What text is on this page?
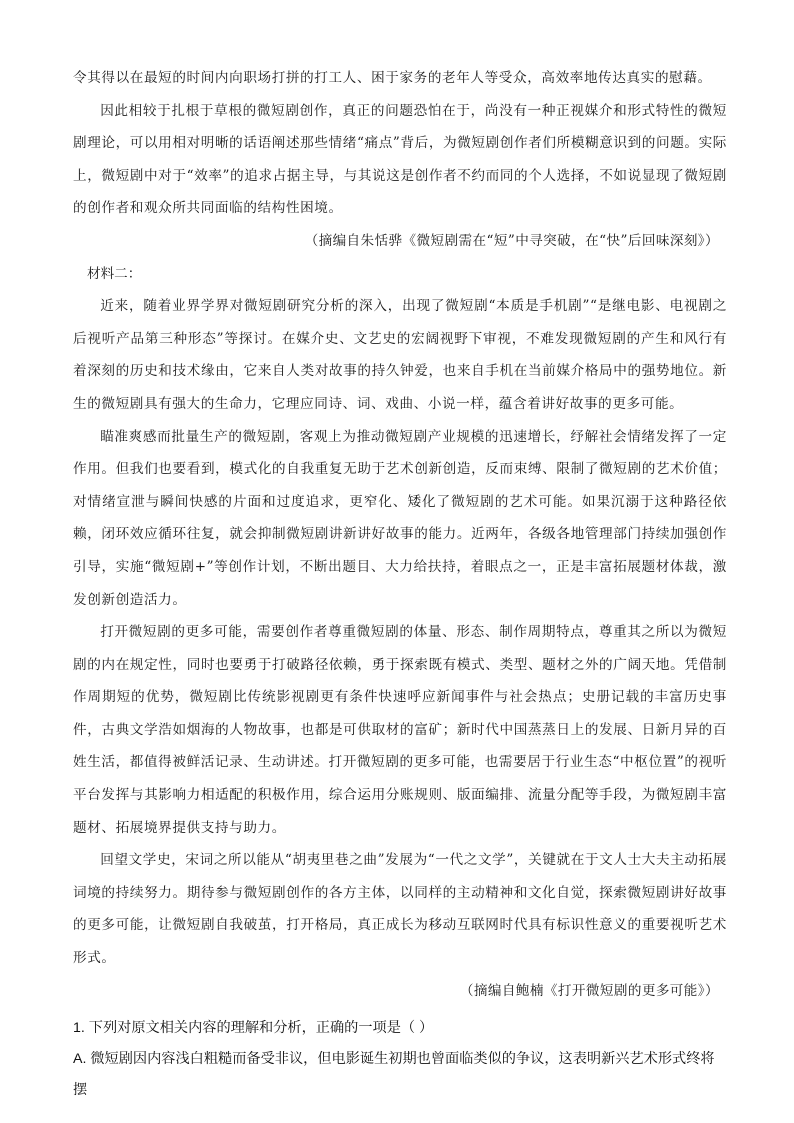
令其得以在最短的时间内向职场打拼的打工人、困于家务的老年人等受众，高效率地传达真实的慰藉。

因此相较于扎根于草根的微短剧创作，真正的问题恐怕在于，尚没有一种正视媒介和形式特性的微短剧理论，可以用相对明晰的话语阐述那些情绪“痛点”背后，为微短剧创作者们所模糊意识到的问题。实际上，微短剧中对于“效率”的追求占据主导，与其说这是创作者不约而同的个人选择，不如说显现了微短剧的创作者和观众所共同面临的结构性困境。

（摘编自朱恬骅《微短剧需在“短”中寻突破，在“快”后回味深刻》）

材料二：

近来，随着业界学界对微短剧研究分析的深入，出现了微短剧“本质是手机剧”“是继电影、电视剧之后视听产品第三种形态”等探讨。在媒介史、文艺史的宏阔视野下审视，不难发现微短剧的产生和风行有着深刻的历史和技术缘由，它来自人类对故事的持久钟爱，也来自手机在当前媒介格局中的强势地位。新生的微短剧具有强大的生命力，它理应同诗、词、戏曲、小说一样，蕴含着讲好故事的更多可能。

瞄准爽感而批量生产的微短剧，客观上为推动微短剧产业规模的迅速增长，纾解社会情绪发挥了一定作用。但我们也要看到，模式化的自我重复无助于艺术创新创造，反而束缚、限制了微短剧的艺术价值；对情绪宣泄与瞬间快感的片面和过度追求，更窄化、矮化了微短剧的艺术可能。如果沉溺于这种路径依赖，闭环效应循环往复，就会抑制微短剧讲新讲好故事的能力。近两年，各级各地管理部门持续加强创作引导，实施“微短剧+”等创作计划，不断出题目、大力给扶持，着眼点之一，正是丰富拓展题材体裁，激发创新创造活力。

打开微短剧的更多可能，需要创作者尊重微短剧的体量、形态、制作周期特点，尊重其之所以为微短剧的内在规定性，同时也要勇于打破路径依赖，勇于探索既有模式、类型、题材之外的广阔天地。凭借制作周期短的优势，微短剧比传统影视剧更有条件快速呼应新闻事件与社会热点；史册记载的丰富历史事件，古典文学浩如烟海的人物故事，也都是可供取材的富矿；新时代中国蒸蒸日上的发展、日新月异的百姓生活，都值得被鲜活记录、生动讲述。打开微短剧的更多可能，也需要居于行业生态“中枢位置”的视听平台发挥与其影响力相适配的积极作用，综合运用分账规则、版面编排、流量分配等手段，为微短剧丰富题材、拓展境界提供支持与助力。

回望文学史，宋词之所以能从“胡夷里巷之曲”发展为“一代之文学”，关键就在于文人士大夫主动拓展词境的持续努力。期待参与微短剧创作的各方主体，以同样的主动精神和文化自觉，探索微短剧讲好故事的更多可能，让微短剧自我破茧，打开格局，真正成长为移动互联网时代具有标识性意义的重要视听艺术形式。

（摘编自鲍楠《打开微短剧的更多可能》）

1. 下列对原文相关内容的理解和分析，正确的一项是（ ）

A. 微短剧因内容浅白粗糙而备受非议，但电影诞生初期也曾面临类似的争议，这表明新兴艺术形式终将摆
